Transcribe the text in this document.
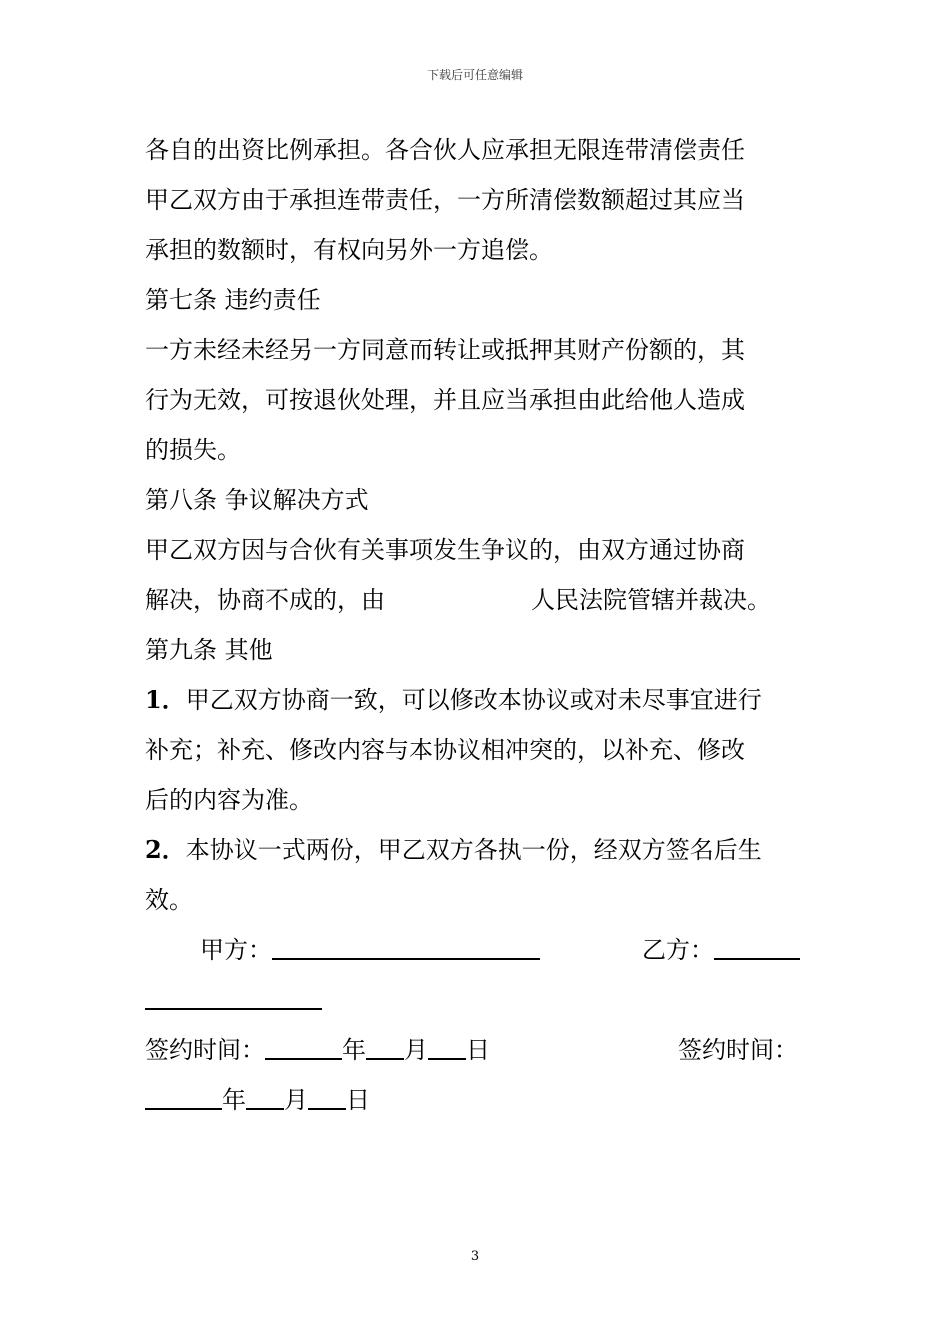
下载后可任意编辑

各自的出资比例承担。各合伙人应承担无限连带清偿责任

甲乙双方由于承担连带责任，一方所清偿数额超过其应当

承担的数额时，有权向另外一方追偿。

第七条 违约责任

一方未经未经另一方同意而转让或抵押其财产份额的，其

行为无效，可按退伙处理，并且应当承担由此给他人造成

的损失。

第八条 争议解决方式

甲乙双方因与合伙有关事项发生争议的，由双方通过协商

解决，协商不成的，由	人民法院管辖并裁决。

第九条 其他

1．甲乙双方协商一致，可以修改本协议或对未尽事宜进行

补充；补充、修改内容与本协议相冲突的，以补充、修改

后的内容为准。

2．本协议一式两份，甲乙双方各执一份，经双方签名后生

效。

甲方：	乙方：
签约时间：	年 月 日	签约时间：
年 月 日
3
